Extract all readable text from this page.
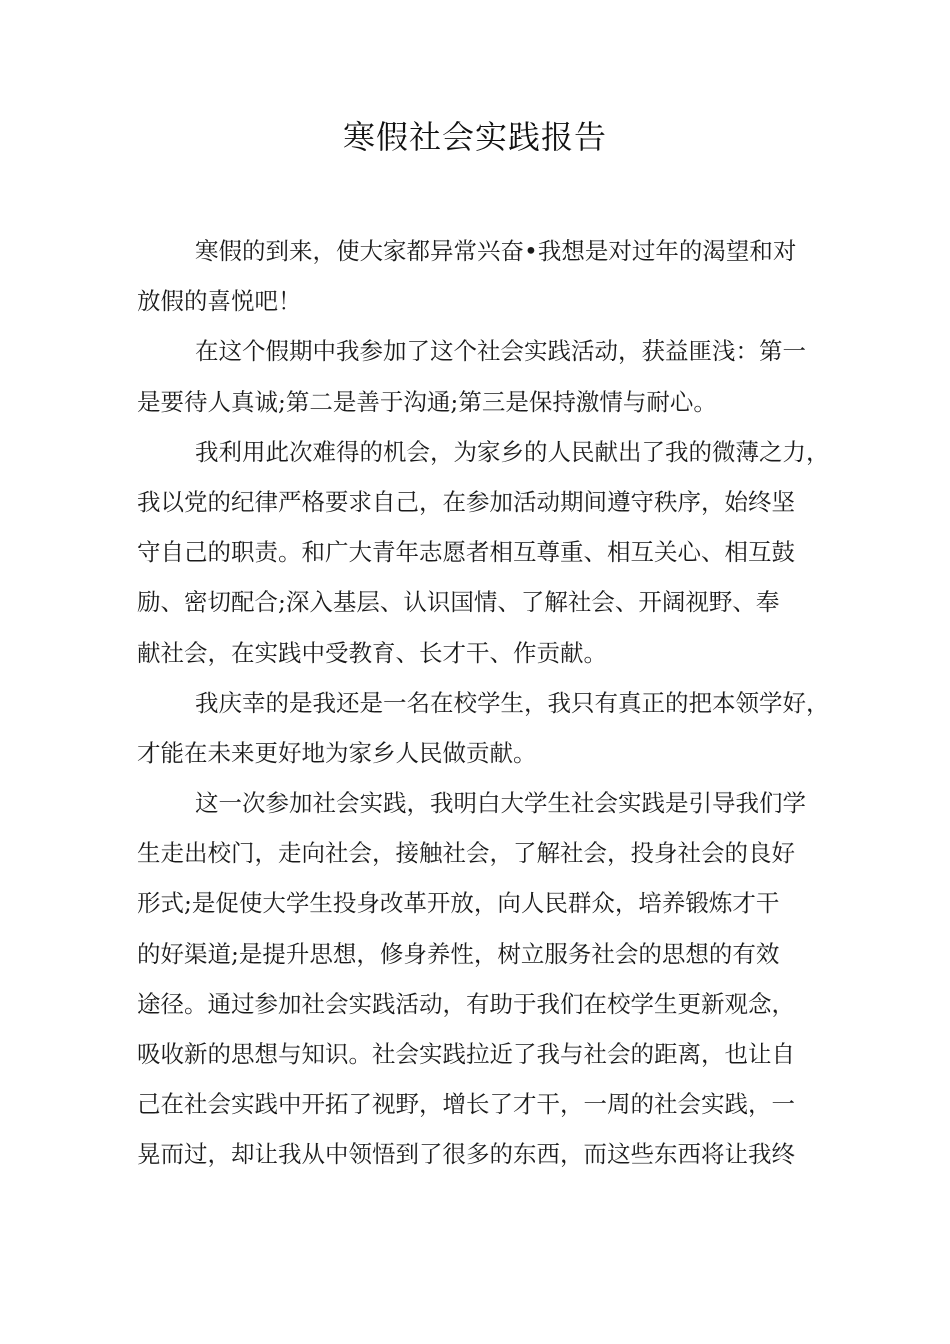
寒假社会实践报告
寒假的到来，使大家都异常兴奋•我想是对过年的渴望和对
放假的喜悦吧！
在这个假期中我参加了这个社会实践活动，获益匪浅：第一
是要待人真诚;第二是善于沟通;第三是保持激情与耐心。
我利用此次难得的机会，为家乡的人民献出了我的微薄之力，
我以党的纪律严格要求自己，在参加活动期间遵守秩序，始终坚
守自己的职责。和广大青年志愿者相互尊重、相互关心、相互鼓
励、密切配合;深入基层、认识国情、了解社会、开阔视野、奉
献社会，在实践中受教育、长才干、作贡献。
我庆幸的是我还是一名在校学生，我只有真正的把本领学好，
才能在未来更好地为家乡人民做贡献。
这一次参加社会实践，我明白大学生社会实践是引导我们学
生走出校门，走向社会，接触社会，了解社会，投身社会的良好
形式;是促使大学生投身改革开放，向人民群众，培养锻炼才干
的好渠道;是提升思想，修身养性，树立服务社会的思想的有效
途径。通过参加社会实践活动，有助于我们在校学生更新观念，
吸收新的思想与知识。社会实践拉近了我与社会的距离，也让自
己在社会实践中开拓了视野，增长了才干，一周的社会实践，一
晃而过，却让我从中领悟到了很多的东西，而这些东西将让我终
